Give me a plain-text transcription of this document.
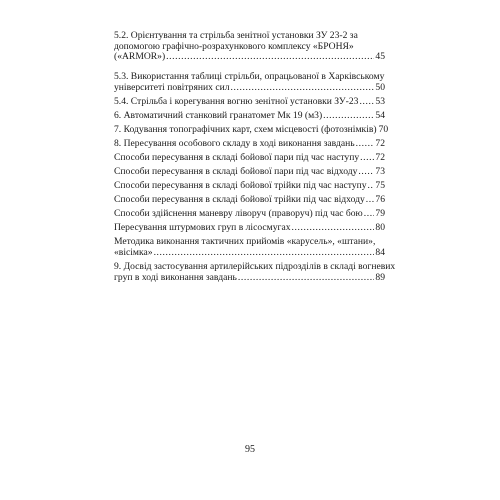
5.2. Орієнтування та стрільба зенітної установки ЗУ 23-2 за
допомогою графічно-розрахункового комплексу «БРОНЯ»
(«ARMOR») .....	45
5.3. Використання таблиці стрільби, опрацьованої в Харківському
університеті повітряних сил .....	50
5.4. Стрільба і корегування вогню зенітної установки ЗУ-23 ..... 53
6. Автоматичний станковий гранатомет Мк 19 (м3) .....	54
7. Кодування топографічних карт, схем місцевості (фотознімків) 70
8. Пересування особового складу в ході виконання завдань ..... 72
Способи пересування в складі бойової пари під час наступу ..... 72
Способи пересування в складі бойової пари під час відходу ..... 73
Способи пересування в складі бойової трійки під час наступу ..... 75
Способи пересування в складі бойової трійки під час відходу ..... 76
Способи здійснення маневру ліворуч (праворуч) під час бою ..... 79
Пересування штурмових груп в лісосмугах .....	80
Методика виконання тактичних прийомів «карусель», «штани»,
«вісімка» .....	84
9. Досвід застосування артилерійських підрозділів в складі вогневих
груп в ході виконання завдань .....	89
95
